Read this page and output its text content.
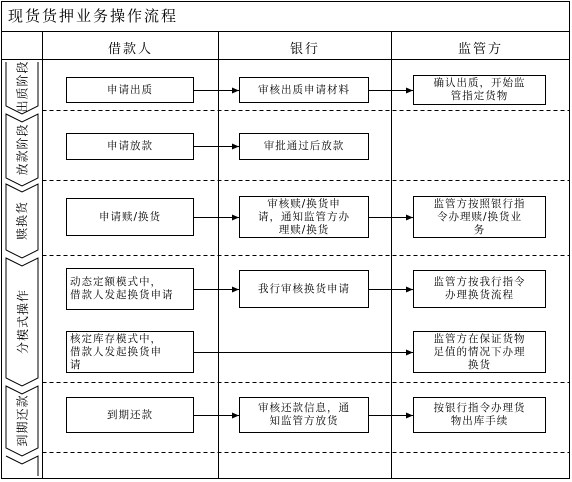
现货货押业务操作流程
借款人	银行	监管方
出质阶段
放款阶段
赎换货
分模式操作
到期还款
申请出质	审核出质申请材料
确认出质，开始监
管指定货物
申请放款	审批通过后放款
申请赎/换货
审核赎/换货申
请，通知监管方办
理赎/换货
监管方按照银行指
令办理赎/换货业
务
动态定额模式中，
借款人发起换货申请
我行审核换货申请
监管方按我行指令
办理换货流程
核定库存模式中，
借款人发起换货申
请
监管方在保证货物
足值的情况下办理
换货
到期还款
审核还款信息，通
知监管方放货
按银行指令办理货
物出库手续
